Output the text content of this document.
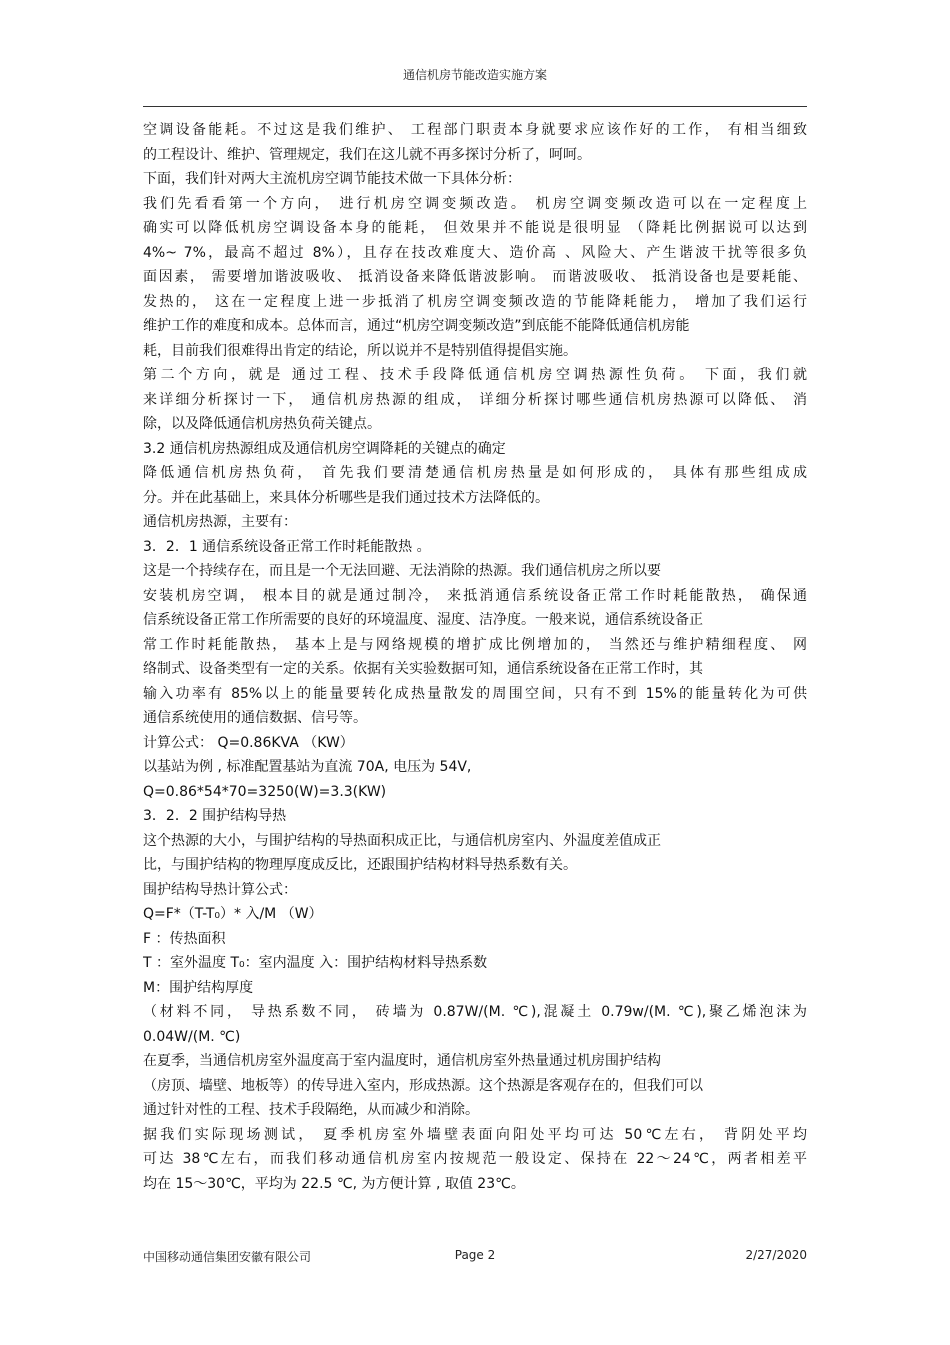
通信机房节能改造实施方案
空调设备能耗。不过这是我们维护、 工程部门职责本身就要求应该作好的工作， 有相当细致
的工程设计、维护、管理规定，我们在这儿就不再多探讨分析了，呵呵。
下面，我们针对两大主流机房空调节能技术做一下具体分析：
我们先看看第一个方向， 进行机房空调变频改造。 机房空调变频改造可以在一定程度上
确实可以降低机房空调设备本身的能耗， 但效果并不能说是很明显 （降耗比例据说可以达到
4%~ 7%，最高不超过 8%），且存在技改难度大、造价高 、风险大、产生谐波干扰等很多负
面因素， 需要增加谐波吸收、 抵消设备来降低谐波影响。 而谐波吸收、 抵消设备也是要耗能、
发热的， 这在一定程度上进一步抵消了机房空调变频改造的节能降耗能力， 增加了我们运行
维护工作的难度和成本。总体而言，通过“机房空调变频改造”到底能不能降低通信机房能
耗，目前我们很难得出肯定的结论，所以说并不是特别值得提倡实施。
第二个方向，就是 通过工程、技术手段降低通信机房空调热源性负荷。 下面，我们就
来详细分析探讨一下， 通信机房热源的组成， 详细分析探讨哪些通信机房热源可以降低、 消
除，以及降低通信机房热负荷关键点。
3.2 通信机房热源组成及通信机房空调降耗的关键点的确定
降低通信机房热负荷， 首先我们要清楚通信机房热量是如何形成的， 具体有那些组成成
分。并在此基础上，来具体分析哪些是我们通过技术方法降低的。
通信机房热源，主要有：
3．2．1 通信系统设备正常工作时耗能散热 。
这是一个持续存在，而且是一个无法回避、无法消除的热源。我们通信机房之所以要
安装机房空调， 根本目的就是通过制冷， 来抵消通信系统设备正常工作时耗能散热， 确保通
信系统设备正常工作所需要的良好的环境温度、湿度、洁净度。一般来说，通信系统设备正
常工作时耗能散热， 基本上是与网络规模的增扩成比例增加的， 当然还与维护精细程度、 网
络制式、设备类型有一定的关系。依据有关实验数据可知，通信系统设备在正常工作时，其
输入功率有 85%以上的能量要转化成热量散发的周围空间，只有不到 15%的能量转化为可供
通信系统使用的通信数据、信号等。
计算公式： Q=0.86KVA （KW）
以基站为例 , 标准配置基站为直流 70A, 电压为 54V,
Q=0.86*54*70=3250(W)=3.3(KW)
3．2．2 围护结构导热
这个热源的大小，与围护结构的导热面积成正比，与通信机房室内、外温度差值成正
比，与围护结构的物理厚度成反比，还跟围护结构材料导热系数有关。
围护结构导热计算公式：
Q=F*（T-T₀）* 入/M （W）
F ：传热面积
T ：室外温度 T₀：室内温度 入：围护结构材料导热系数
M：围护结构厚度
（材料不同， 导热系数不同， 砖墙为 0.87W/(M. ℃),混凝土 0.79w/(M. ℃),聚乙烯泡沫为
0.04W/(M. ℃)
在夏季，当通信机房室外温度高于室内温度时，通信机房室外热量通过机房围护结构
（房顶、墙壁、地板等）的传导进入室内，形成热源。这个热源是客观存在的，但我们可以
通过针对性的工程、技术手段隔绝，从而减少和消除。
据我们实际现场测试， 夏季机房室外墙壁表面向阳处平均可达 50℃左右， 背阴处平均
可达 38℃左右，而我们移动通信机房室内按规范一般设定、保持在 22～24℃，两者相差平
均在 15～30℃，平均为 22.5 ℃, 为方便计算 , 取值 23℃。
中国移动通信集团安徽有限公司	Page 2	2/27/2020
